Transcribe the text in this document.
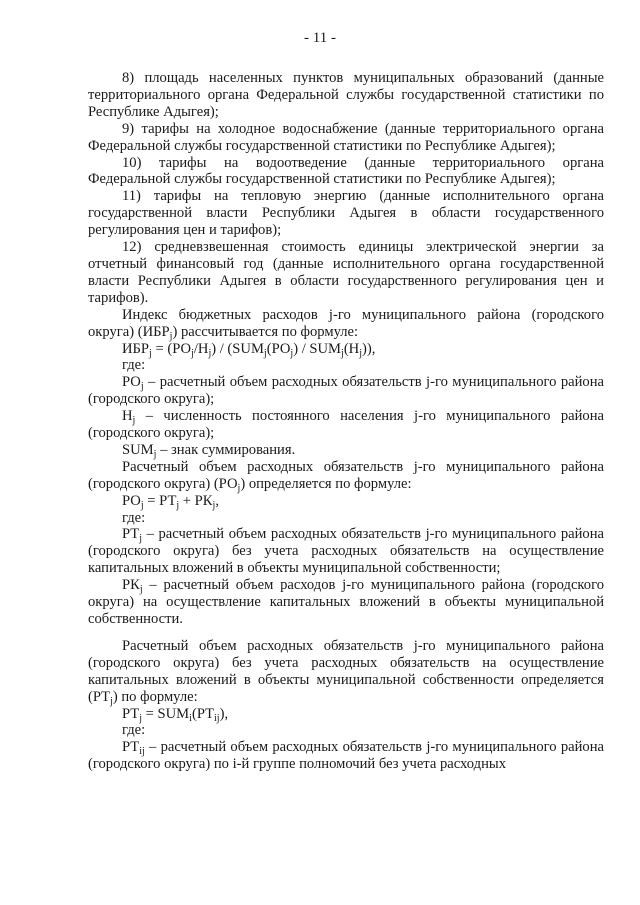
- 11 -

8) площадь населенных пунктов муниципальных образований (данные территориального органа Федеральной службы государственной статистики по Республике Адыгея);

9) тарифы на холодное водоснабжение (данные территориального органа Федеральной службы государственной статистики по Республике Адыгея);

10) тарифы на водоотведение (данные территориального органа Федеральной службы государственной статистики по Республике Адыгея);

11) тарифы на тепловую энергию (данные исполнительного органа государственной власти Республики Адыгея в области государственного регулирования цен и тарифов);

12) средневзвешенная стоимость единицы электрической энергии за отчетный финансовый год (данные исполнительного органа государственной власти Республики Адыгея в области государственного регулирования цен и тарифов).

Индекс бюджетных расходов j-го муниципального района (городского округа) $(ИБР_j)$ рассчитывается по формуле:

$ИБР_j = (РО_j/Н_j) / (SUM_j(РО_j) / SUM_j(Н_j))$,

где:

$РО_j$ – расчетный объем расходных обязательств j-го муниципального района (городского округа);

$Н_j$ – численность постоянного населения j-го муниципального района (городского округа);

$SUM_j$ – знак суммирования.

Расчетный объем расходных обязательств j-го муниципального района (городского округа) $(РО_j)$ определяется по формуле:

$РО_j = РТ_j + РК_j$,

где:

$РТ_j$ – расчетный объем расходных обязательств j-го муниципального района (городского округа) без учета расходных обязательств на осуществление капитальных вложений в объекты муниципальной собственности;

$РК_j$ – расчетный объем расходов j-го муниципального района (городского округа) на осуществление капитальных вложений в объекты муниципальной собственности.

Расчетный объем расходных обязательств j-го муниципального района (городского округа) без учета расходных обязательств на осуществление капитальных вложений в объекты муниципальной собственности определяется $(РТ_j)$ по формуле:

$РТ_j = SUM_i(РТ_{ij})$,

где:

$РТ_{ij}$ – расчетный объем расходных обязательств j-го муниципального района (городского округа) по i-й группе полномочий без учета расходных
